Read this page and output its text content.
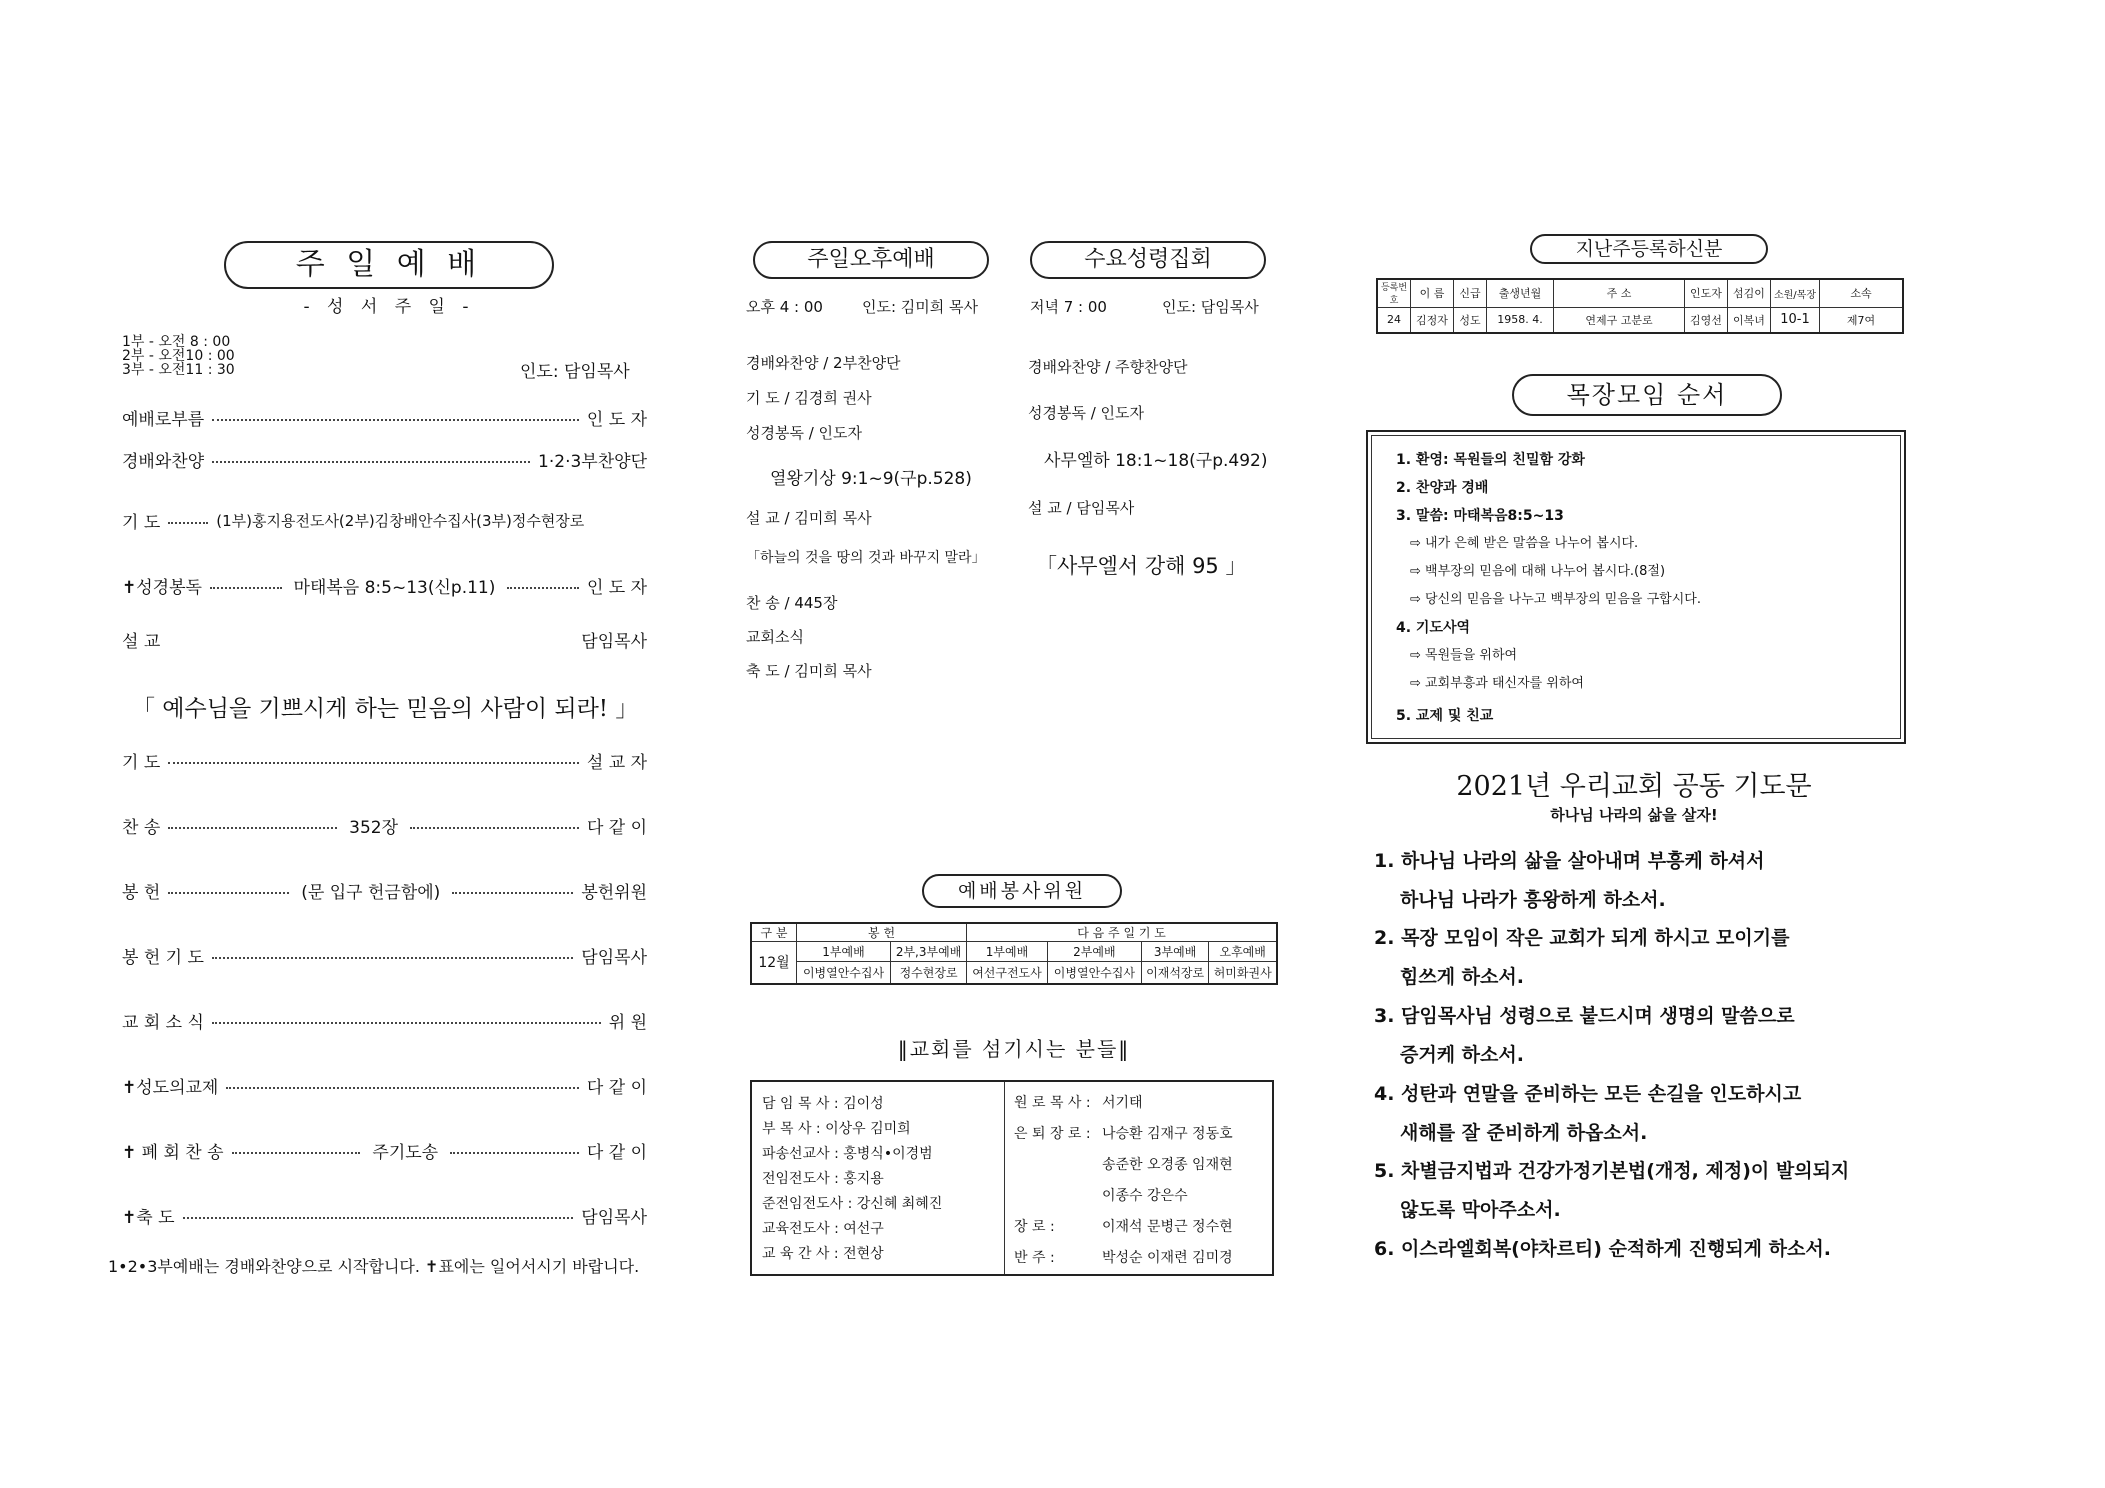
주 일 예 배
- 성 서 주 일 -
1부 - 오전 8 : 00
2부 - 오전10 : 00
3부 - 오전11 : 30	인도: 담임목사
예배로부름	인 도 자
경배와찬양	1·2·3부찬양단
기 도	(1부)홍지용전도사(2부)김창배안수집사(3부)정수현장로
✝성경봉독	마태복음 8:5~13(신p.11)	인 도 자
설 교	담임목사
「 예수님을 기쁘시게 하는 믿음의 사람이 되라! 」
기 도	설 교 자
찬 송	352장	다 같 이
봉 헌	(문 입구 헌금함에)	봉헌위원
봉 헌 기 도	담임목사
교 회 소 식	위 원
✝성도의교제	다 같 이
✝ 폐 회 찬 송	주기도송	다 같 이
✝축 도	담임목사
1•2•3부예배는 경배와찬양으로 시작합니다. ✝표에는 일어서시기 바랍니다.
주일오후예배
오후 4 : 00	인도: 김미희 목사
경배와찬양 / 2부찬양단
기 도 / 김경희 권사
성경봉독 / 인도자
열왕기상 9:1~9(구p.528)
설 교 / 김미희 목사
「하늘의 것을 땅의 것과 바꾸지 말라」
찬 송 / 445장
교회소식
축 도 / 김미희 목사
수요성령집회
저녁 7 : 00	인도: 담임목사
경배와찬양 / 주향찬양단
성경봉독 / 인도자
사무엘하 18:1~18(구p.492)
설 교 / 담임목사
「사무엘서 강해 95 」
예배봉사위원
구 분	봉 헌		다 음 주 일 기 도			
12월	1부예배	2부,3부예배	1부예배	2부예배	3부예배	오후예배
	이병열안수집사	정수현장로	여선구전도사	이병열안수집사	이재석장로	허미화권사
‖교회를 섬기시는 분들‖
담 임 목 사 : 김이성
부 목 사 : 이상우 김미희
파송선교사 : 홍병식•이경범
전임전도사 : 홍지용
준전임전도사 : 강신혜 최혜진
교육전도사 : 여선구
교 육 간 사 : 전현상
원 로 목 사 : 서기태
은 퇴 장 로 : 나승환 김재구 정동호
송준한 오경종 임재현
이종수 강은수
장 로 :	이재석 문병근 정수현
반 주 :	박성순 이재련 김미경
지난주등록하신분
등록번호	이 름	신급	출생년월	주 소	인도자	섬김이	소원/목장	소속
24	김정자	성도	1958. 4.	연제구 고분로	김영선	이복녀	10-1	제7여
목장모임 순서
1. 환영: 목원들의 친밀함 강화
2. 찬양과 경배
3. 말씀: 마태복음8:5~13
⇨ 내가 은혜 받은 말씀을 나누어 봅시다.
⇨ 백부장의 믿음에 대해 나누어 봅시다.(8절)
⇨ 당신의 믿음을 나누고 백부장의 믿음을 구합시다.
4. 기도사역
⇨ 목원들을 위하여
⇨ 교회부흥과 태신자를 위하여
5. 교제 및 친교
2021년 우리교회 공동 기도문
하나님 나라의 삶을 살자!
1. 하나님 나라의 삶을 살아내며 부흥케 하셔서
하나님 나라가 흥왕하게 하소서.
2. 목장 모임이 작은 교회가 되게 하시고 모이기를
힘쓰게 하소서.
3. 담임목사님 성령으로 붙드시며 생명의 말씀으로
증거케 하소서.
4. 성탄과 연말을 준비하는 모든 손길을 인도하시고
새해를 잘 준비하게 하옵소서.
5. 차별금지법과 건강가정기본법(개정, 제정)이 발의되지
않도록 막아주소서.
6. 이스라엘회복(야차르티) 순적하게 진행되게 하소서.
